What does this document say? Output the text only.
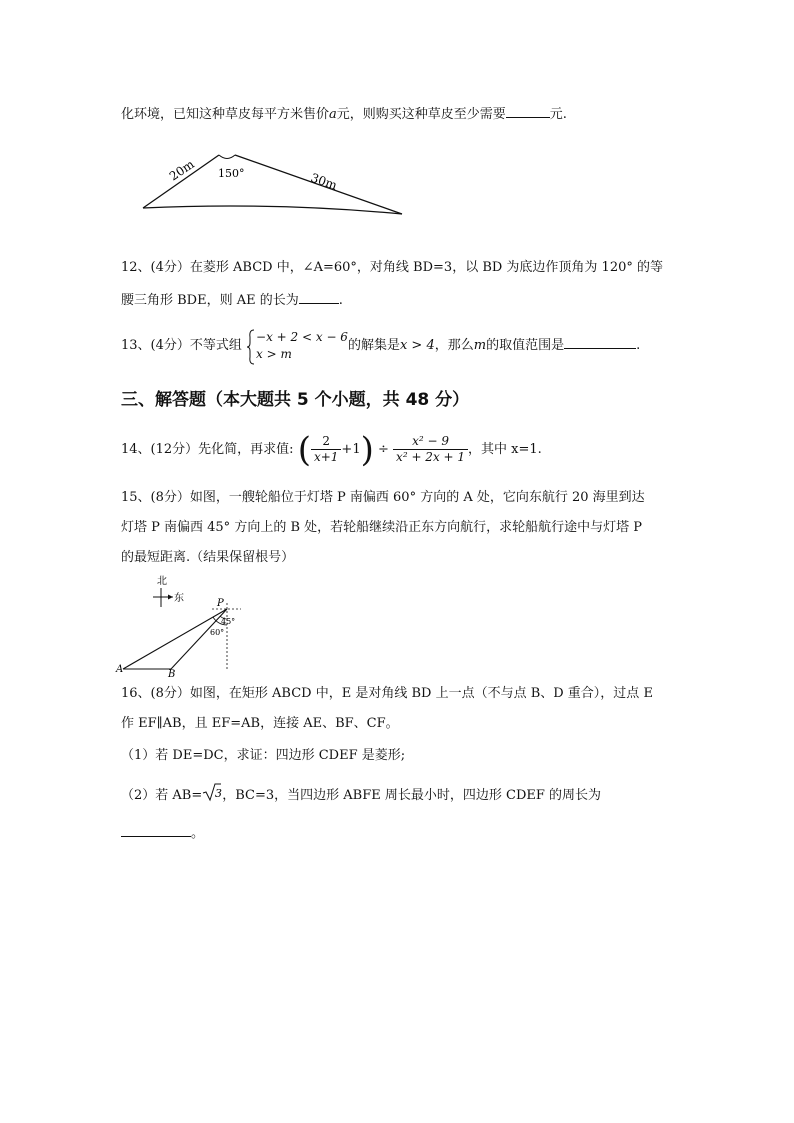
化环境，已知这种草皮每平方米售价a元，则购买这种草皮至少需要	元.
20m 150°	30m
12、(4分）在菱形 ABCD 中，∠A=60°，对角线 BD=3，以 BD 为底边作顶角为 120° 的等
腰三角形 BDE，则 AE 的长为	.
13、(4分）不等式组
−x + 2 < x − 6
x > m
的解集是x > 4，那么m的取值范围是	.
三、解答题（本大题共 5 个小题，共 48 分）
14、(12分）先化简，再求值: ( $\frac{2}{x+1} +1) \div \frac{\text{x² − 9}}{\text{x² + 2x + 1}}$ ，其中 x=1.
15、(8分）如图，一艘轮船位于灯塔 P 南偏西 60° 方向的 A 处，它向东航行 20 海里到达
灯塔 P 南偏西 45° 方向上的 B 处，若轮船继续沿正东方向航行，求轮船航行途中与灯塔 P
的最短距离.（结果保留根号）
北
东	P
A	B
45°
60°
16、(8分）如图，在矩形 ABCD 中，E 是对角线 BD 上一点（不与点 B、D 重合），过点 E
作 EF∥AB，且 EF=AB，连接 AE、BF、CF。
（1）若 DE=DC，求证：四边形 CDEF 是菱形;
（2）若 AB= 3 ，BC=3，当四边形 ABFE 周长最小时，四边形 CDEF 的周长为
。
